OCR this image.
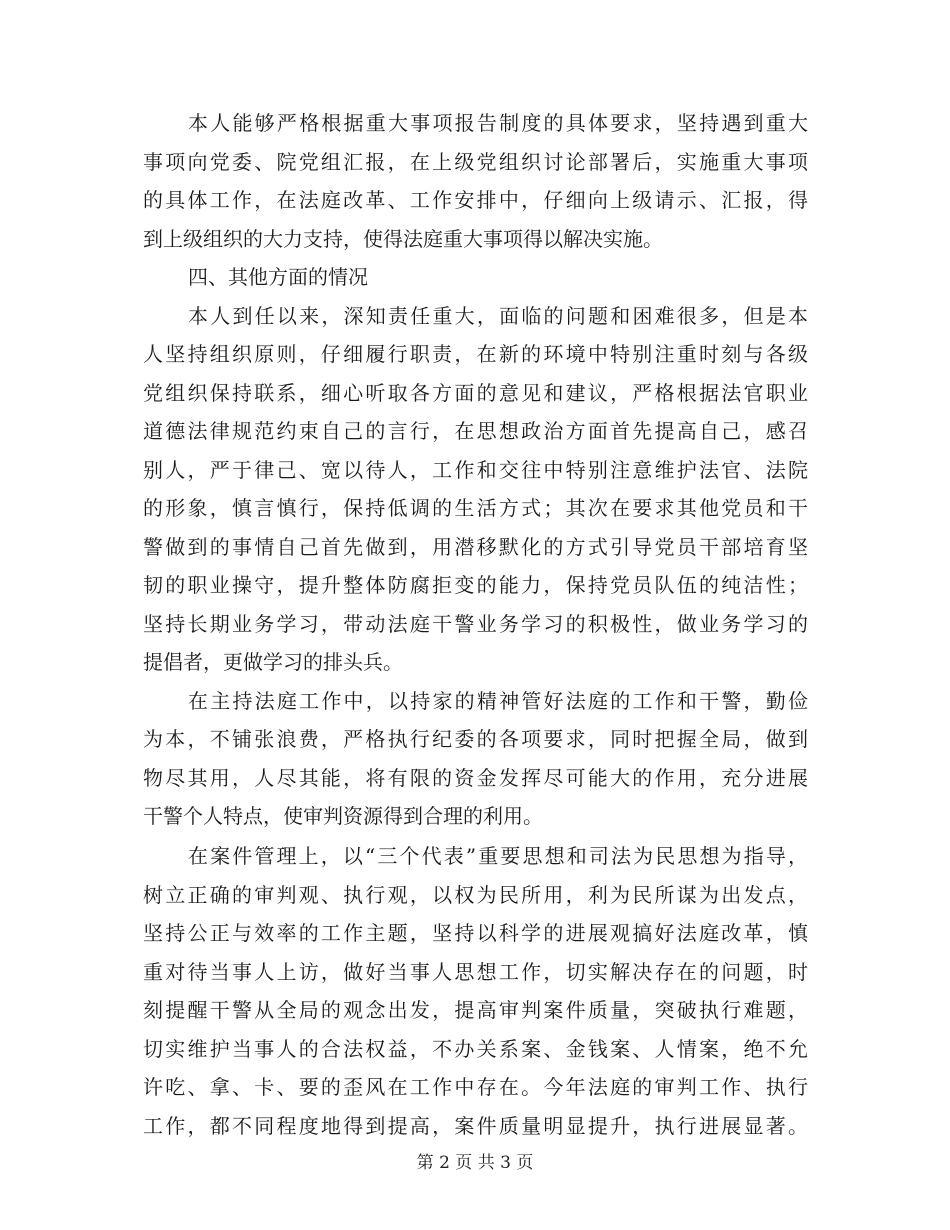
本人能够严格根据重大事项报告制度的具体要求，坚持遇到重大
事项向党委、院党组汇报，在上级党组织讨论部署后，实施重大事项
的具体工作，在法庭改革、工作安排中，仔细向上级请示、汇报，得
到上级组织的大力支持，使得法庭重大事项得以解决实施。
四、其他方面的情况
本人到任以来，深知责任重大，面临的问题和困难很多，但是本
人坚持组织原则，仔细履行职责，在新的环境中特别注重时刻与各级
党组织保持联系，细心听取各方面的意见和建议，严格根据法官职业
道德法律规范约束自己的言行，在思想政治方面首先提高自己，感召
别人，严于律己、宽以待人，工作和交往中特别注意维护法官、法院
的形象，慎言慎行，保持低调的生活方式；其次在要求其他党员和干
警做到的事情自己首先做到，用潜移默化的方式引导党员干部培育坚
韧的职业操守，提升整体防腐拒变的能力，保持党员队伍的纯洁性；
坚持长期业务学习，带动法庭干警业务学习的积极性，做业务学习的
提倡者，更做学习的排头兵。
在主持法庭工作中，以持家的精神管好法庭的工作和干警，勤俭
为本，不铺张浪费，严格执行纪委的各项要求，同时把握全局，做到
物尽其用，人尽其能，将有限的资金发挥尽可能大的作用，充分进展
干警个人特点，使审判资源得到合理的利用。
在案件管理上，以“三个代表”重要思想和司法为民思想为指导，
树立正确的审判观、执行观，以权为民所用，利为民所谋为出发点，
坚持公正与效率的工作主题，坚持以科学的进展观搞好法庭改革，慎
重对待当事人上访，做好当事人思想工作，切实解决存在的问题，时
刻提醒干警从全局的观念出发，提高审判案件质量，突破执行难题，
切实维护当事人的合法权益，不办关系案、金钱案、人情案，绝不允
许吃、拿、卡、要的歪风在工作中存在。今年法庭的审判工作、执行
工作，都不同程度地得到提高，案件质量明显提升，执行进展显著。
第 2 页 共 3 页
